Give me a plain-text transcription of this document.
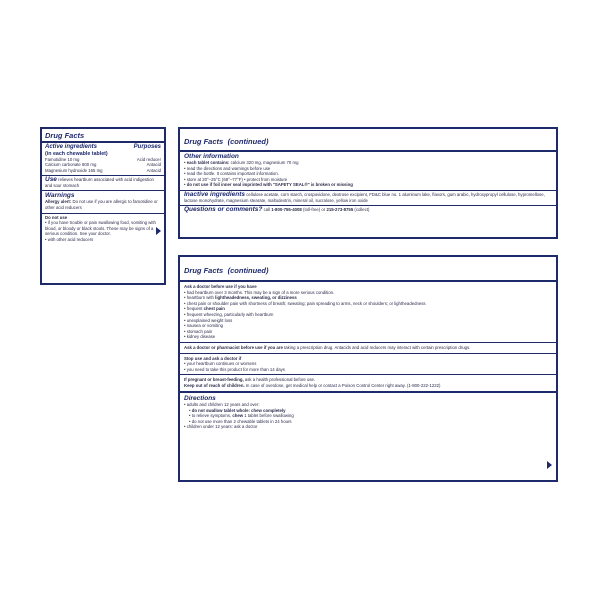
Drug Facts
Active ingredients
(in each chewable tablet)
Purposes
Famotidine 10 mg	Acid reducer
Calcium carbonate 800 mg	Antacid
Magnesium hydroxide 165 mg	Antacid
Use relieves heartburn associated with acid indigestion and sour stomach
Warnings
Allergy alert: Do not use if you are allergic to famotidine or other acid reducers
Do not use
• if you have trouble or pain swallowing food, vomiting with blood, or bloody or black stools. These may be signs of a serious condition. See your doctor.
• with other acid reducers
Drug Facts (continued)
Other information
• each tablet contains: calcium 320 mg, magnesium 70 mg
• read the directions and warnings before use
• read the bottle. It contains important information.
• store at 20°–25°C (68°–77°F) • protect from moisture
• do not use if foil inner seal imprinted with "SAFETY SEAL®" is broken or missing
Inactive ingredients cellulose acetate, corn starch, crospovidone, dextrose excipient, FD&C blue no. 1 aluminum lake, flavors, gum arabic, hydroxypropyl cellulose, hypromellose, lactose monohydrate, magnesium stearate, maltodextrin, mineral oil, sucralose, yellow iron oxide
Questions or comments? call 1-800-755-4008 (toll-free) or 215-273-8755 (collect)
Drug Facts (continued)
Ask a doctor before use if you have
• had heartburn over 3 months. This may be a sign of a more serious condition.
• heartburn with lightheadedness, sweating, or dizziness
• chest pain or shoulder pain with shortness of breath; sweating; pain spreading to arms, neck or shoulders; or lightheadedness
• frequent chest pain
• frequent wheezing, particularly with heartburn
• unexplained weight loss
• nausea or vomiting
• stomach pain
• kidney disease
Ask a doctor or pharmacist before use if you are taking a prescription drug. Antacids and acid reducers may interact with certain prescription drugs.
Stop use and ask a doctor if
• your heartburn continues or worsens
• you need to take this product for more than 14 days
If pregnant or breast-feeding, ask a health professional before use.
Keep out of reach of children. In case of overdose, get medical help or contact a Poison Control Center right away. (1-800-222-1222)
Directions
• adults and children 12 years and over:
• do not swallow tablet whole: chew completely
• to relieve symptoms, chew 1 tablet before swallowing
• do not use more than 2 chewable tablets in 24 hours
• children under 12 years: ask a doctor
